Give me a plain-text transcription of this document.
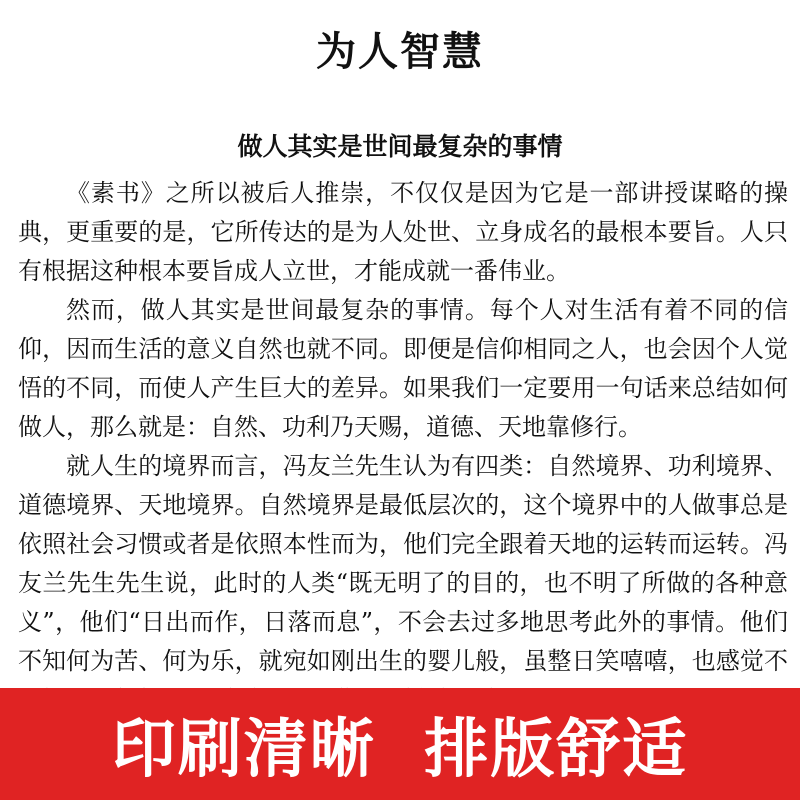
为人智慧
做人其实是世间最复杂的事情

《素书》之所以被后人推崇，不仅仅是因为它是一部讲授谋略的操典，更重要的是，它所传达的是为人处世、立身成名的最根本要旨。人只有根据这种根本要旨成人立世，才能成就一番伟业。

然而，做人其实是世间最复杂的事情。每个人对生活有着不同的信仰，因而生活的意义自然也就不同。即便是信仰相同之人，也会因个人觉悟的不同，而使人产生巨大的差异。如果我们一定要用一句话来总结如何做人，那么就是：自然、功利乃天赐，道德、天地靠修行。

就人生的境界而言，冯友兰先生认为有四类：自然境界、功利境界、道德境界、天地境界。自然境界是最低层次的，这个境界中的人做事总是依照社会习惯或者是依照本性而为，他们完全跟着天地的运转而运转。冯友兰先生先生说，此时的人类“既无明了的目的，也不明了所做的各种意义”，他们“日出而作，日落而息”，不会去过多地思考此外的事情。他们不知何为苦、何为乐，就宛如刚出生的婴儿般，虽整日笑嘻嘻，也感觉不

印刷清晰  排版舒适
